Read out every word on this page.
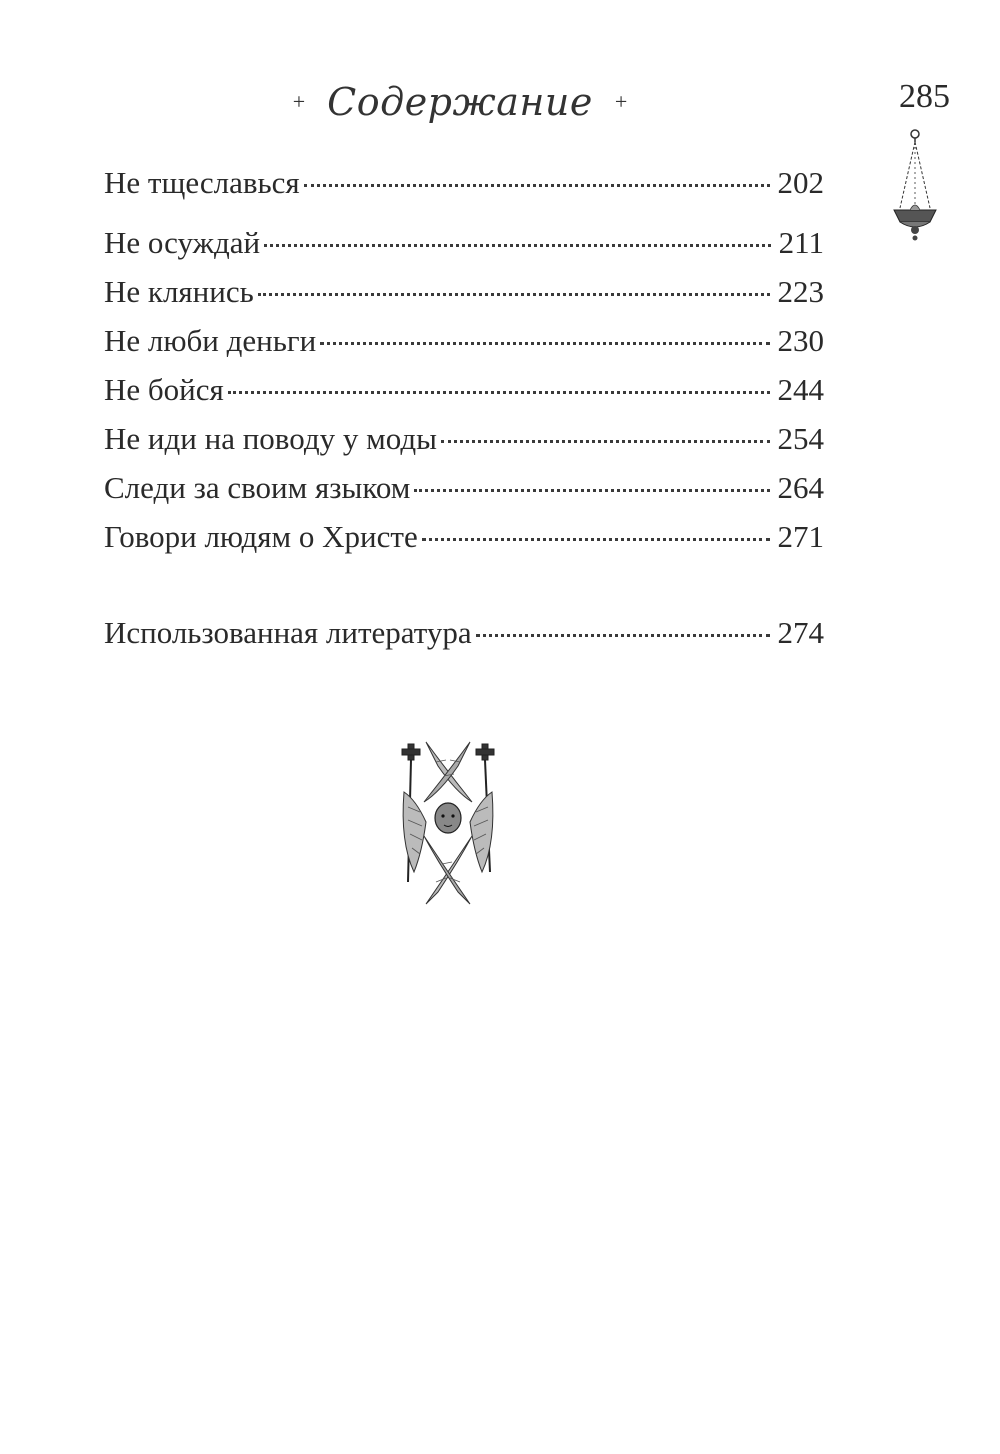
+ Содержание +	285
Не тщеславься	202
Не осуждай	211
Не клянись	223
Не люби деньги	230
Не бойся	244
Не иди на поводу у моды	254
Следи за своим языком	264
Говори людям о Христе	271
Использованная литература	274
